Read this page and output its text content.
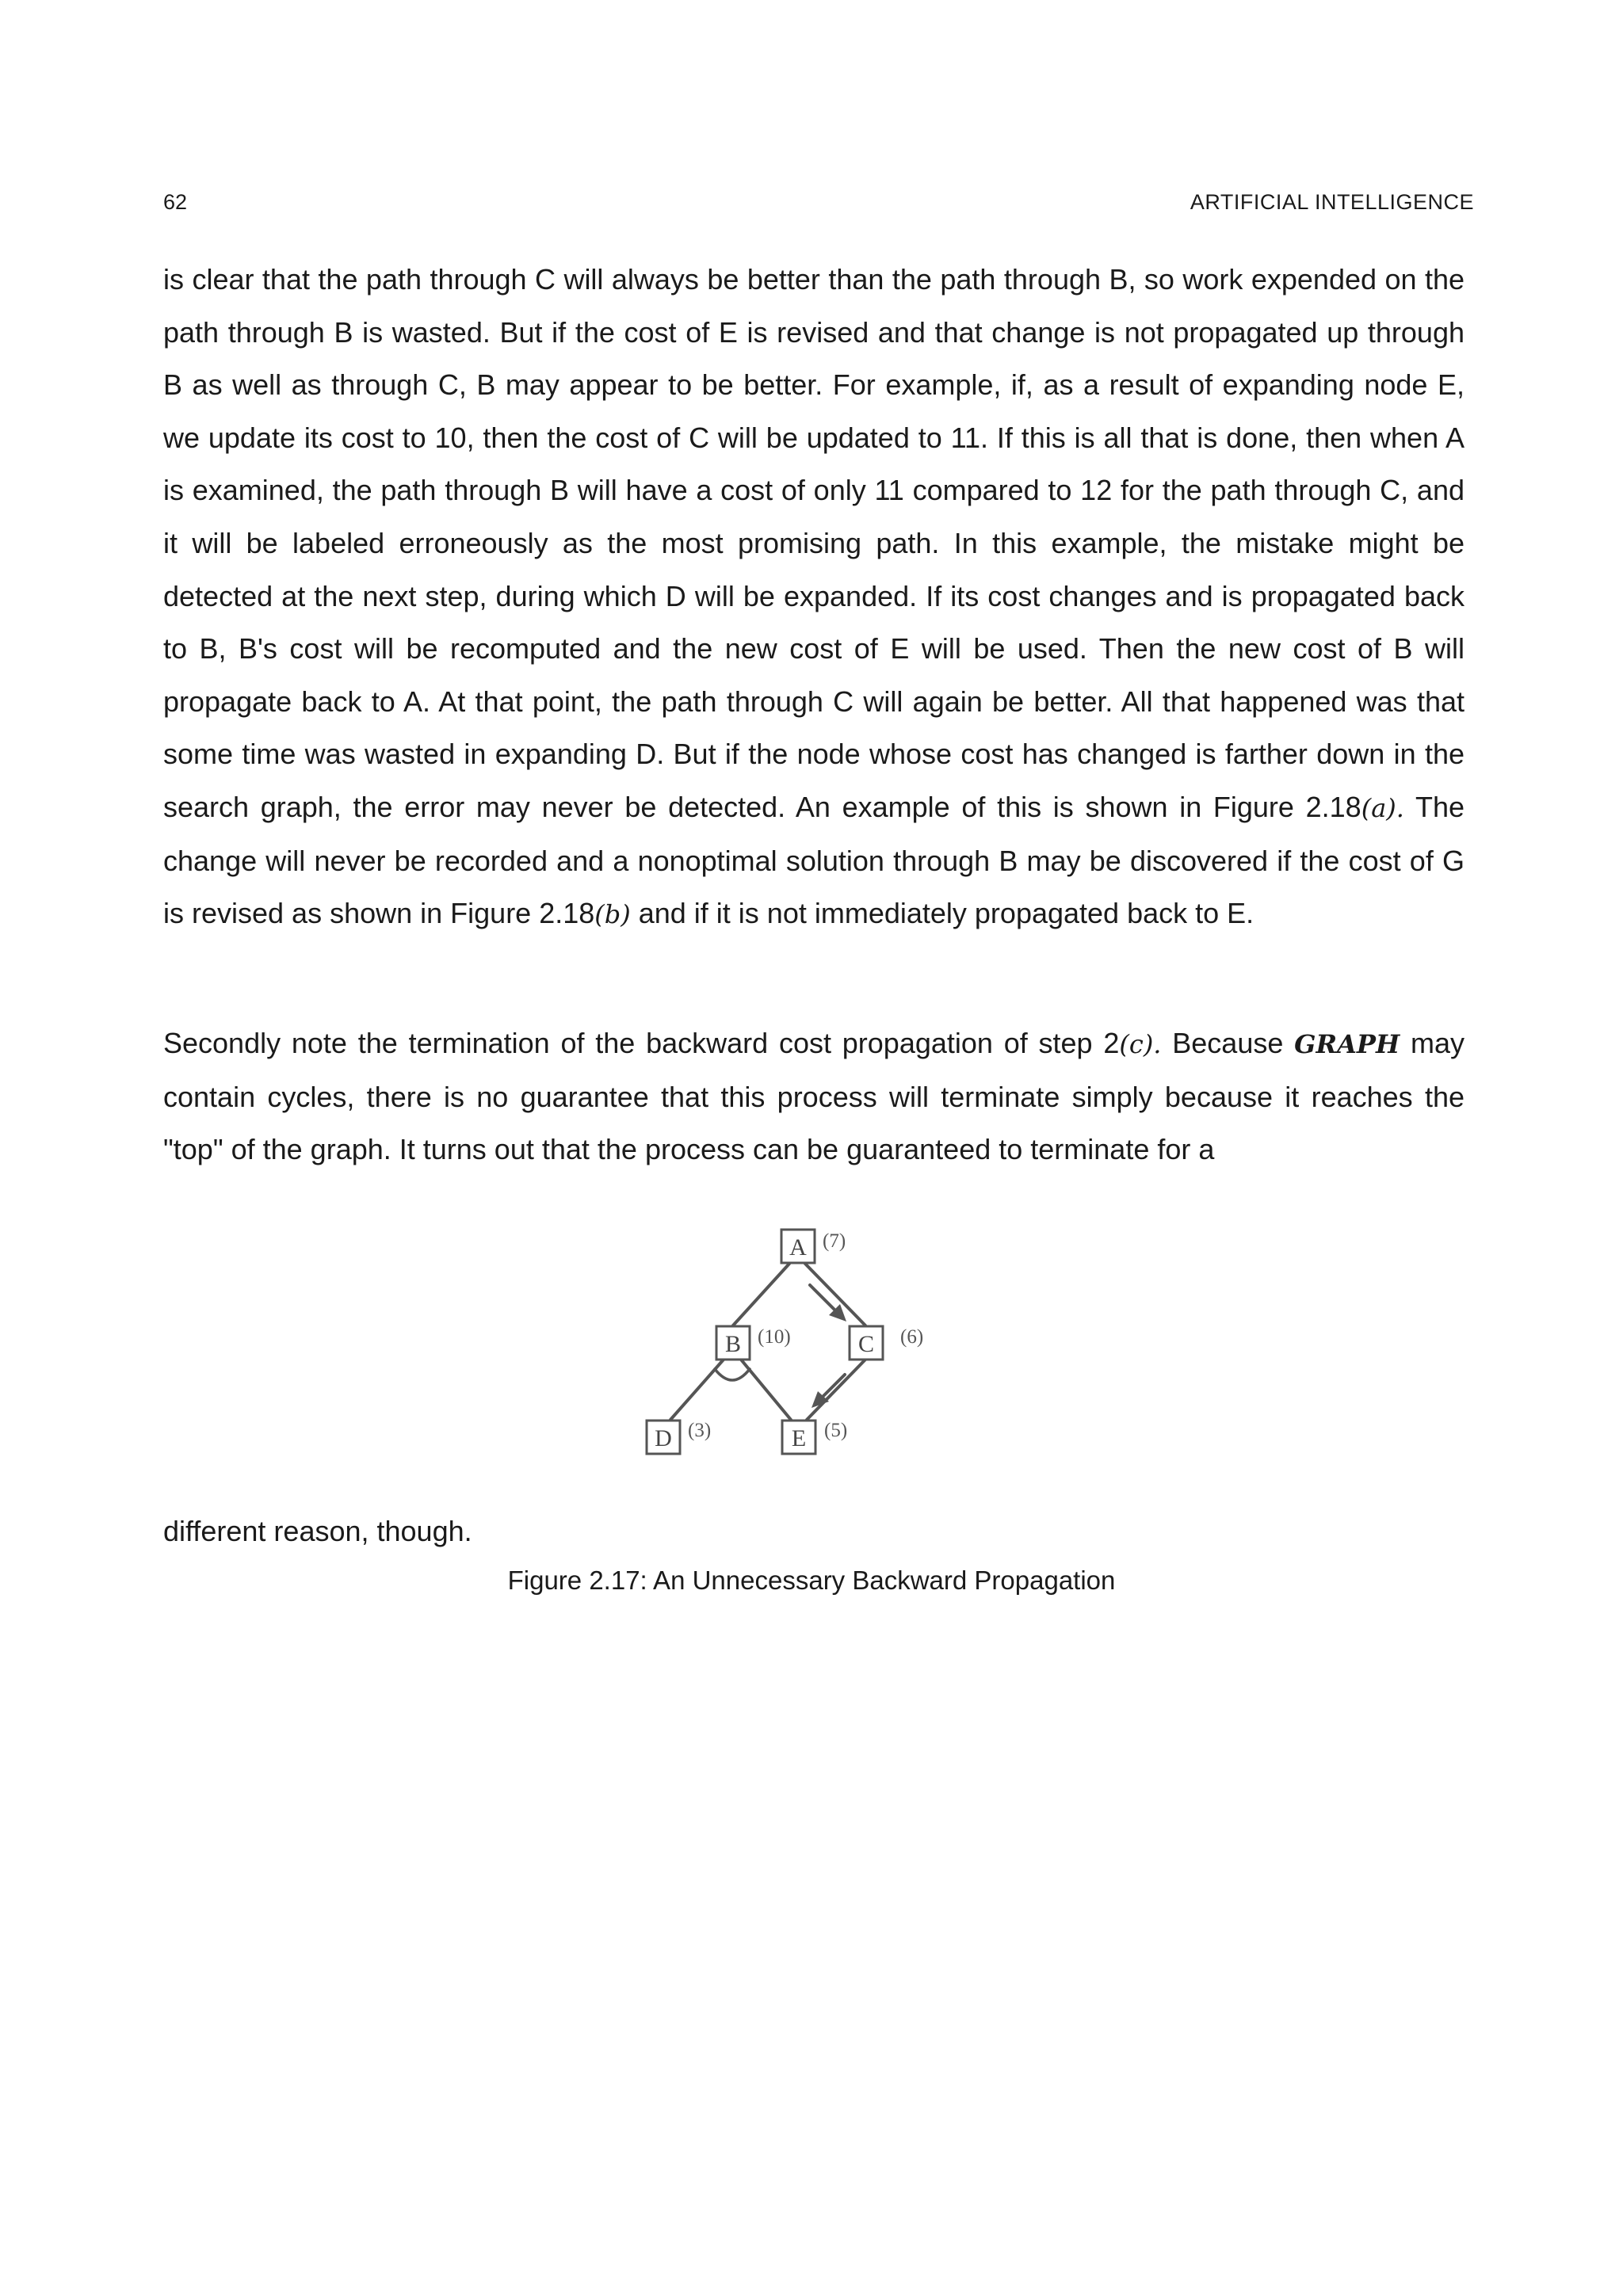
62	ARTIFICIAL INTELLIGENCE

is clear that the path through C will always be better than the path through B, so work expended on the path through B is wasted. But if the cost of E is revised and that change is not propagated up through B as well as through C, B may appear to be better. For example, if, as a result of expanding node E, we update its cost to 10, then the cost of C will be updated to 11. If this is all that is done, then when A is examined, the path through B will have a cost of only 11 compared to 12 for the path through C, and it will be labeled erroneously as the most promising path. In this example, the mistake might be detected at the next step, during which D will be expanded. If its cost changes and is propagated back to B, B's cost will be recomputed and the new cost of E will be used. Then the new cost of B will propagate back to A. At that point, the path through C will again be better. All that happened was that some time was wasted in expanding D. But if the node whose cost has changed is farther down in the search graph, the error may never be detected. An example of this is shown in Figure 2.18(a). The change will never be recorded and a nonoptimal solution through B may be discovered if the cost of G is revised as shown in Figure 2.18(b) and if it is not immediately propagated back to E.

Secondly note the termination of the backward cost propagation of step 2(c). Because GRAPH may contain cycles, there is no guarantee that this process will terminate simply because it reaches the "top" of the graph. It turns out that the process can be guaranteed to terminate for a

A
B	C
D	E
(7)
(10)	(6)
(3)	(5)

different reason, though.

Figure 2.17: An Unnecessary Backward Propagation
